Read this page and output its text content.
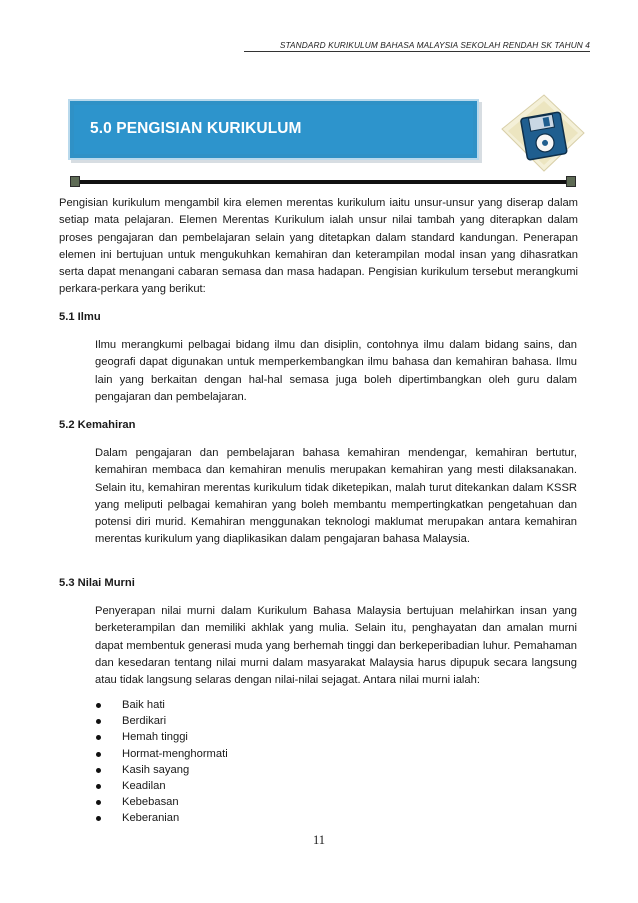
STANDARD KURIKULUM BAHASA MALAYSIA SEKOLAH RENDAH SK TAHUN 4
5.0 PENGISIAN KURIKULUM

Pengisian kurikulum mengambil kira elemen merentas kurikulum iaitu unsur-unsur yang diserap dalam setiap mata pelajaran. Elemen Merentas Kurikulum ialah unsur nilai tambah yang diterapkan dalam proses pengajaran dan pembelajaran selain yang ditetapkan dalam standard kandungan. Penerapan elemen ini bertujuan untuk mengukuhkan kemahiran dan keterampilan modal insan yang dihasratkan serta dapat menangani cabaran semasa dan masa hadapan. Pengisian kurikulum tersebut merangkumi perkara-perkara yang berikut:

5.1 Ilmu

Ilmu merangkumi pelbagai bidang ilmu dan disiplin, contohnya ilmu dalam bidang sains, dan geografi dapat digunakan untuk memperkembangkan ilmu bahasa dan kemahiran bahasa. Ilmu lain yang berkaitan dengan hal-hal semasa juga boleh dipertimbangkan oleh guru dalam pengajaran dan pembelajaran.

5.2 Kemahiran

Dalam pengajaran dan pembelajaran bahasa kemahiran mendengar, kemahiran bertutur, kemahiran membaca dan kemahiran menulis merupakan kemahiran yang mesti dilaksanakan. Selain itu, kemahiran merentas kurikulum tidak diketepikan, malah turut ditekankan dalam KSSR yang meliputi pelbagai kemahiran yang boleh membantu mempertingkatkan pengetahuan dan potensi diri murid. Kemahiran menggunakan teknologi maklumat merupakan antara kemahiran merentas kurikulum yang diaplikasikan dalam pengajaran bahasa Malaysia.

5.3 Nilai Murni

Penyerapan nilai murni dalam Kurikulum Bahasa Malaysia bertujuan melahirkan insan yang berketerampilan dan memiliki akhlak yang mulia. Selain itu, penghayatan dan amalan murni dapat membentuk generasi muda yang berhemah tinggi dan berkeperibadian luhur. Pemahaman dan kesedaran tentang nilai murni dalam masyarakat Malaysia harus dipupuk secara langsung atau tidak langsung selaras dengan nilai-nilai sejagat. Antara nilai murni ialah:

Baik hati
Berdikari
Hemah tinggi
Hormat-menghormati
Kasih sayang
Keadilan
Kebebasan
Keberanian
11
